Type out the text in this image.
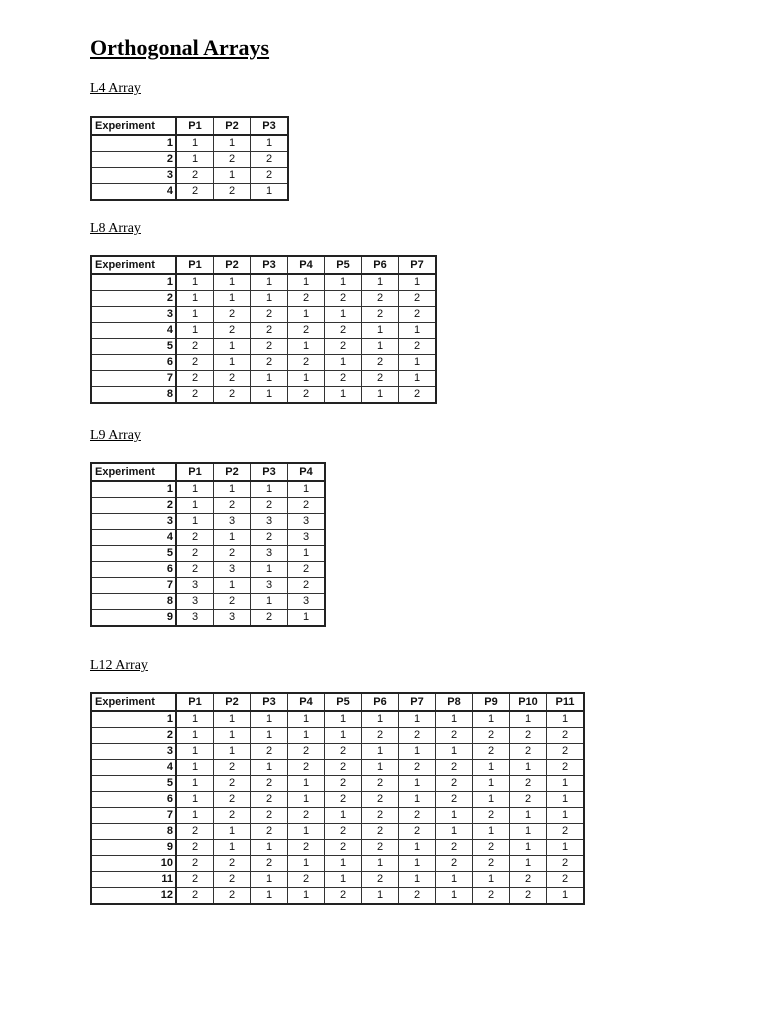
Orthogonal Arrays
L4 Array
Experiment	P1	P2	P3
1	1	1	1
2	1	2	2
3	2	1	2
4	2	2	1
L8 Array
Experiment	P1	P2	P3	P4	P5	P6	P7
1	1	1	1	1	1	1	1
2	1	1	1	2	2	2	2
3	1	2	2	1	1	2	2
4	1	2	2	2	2	1	1
5	2	1	2	1	2	1	2
6	2	1	2	2	1	2	1
7	2	2	1	1	2	2	1
8	2	2	1	2	1	1	2
L9 Array
Experiment	P1	P2	P3	P4
1	1	1	1	1
2	1	2	2	2
3	1	3	3	3
4	2	1	2	3
5	2	2	3	1
6	2	3	1	2
7	3	1	3	2
8	3	2	1	3
9	3	3	2	1
L12 Array
Experiment	P1	P2	P3	P4	P5	P6	P7	P8	P9	P10	P11
1	1	1	1	1	1	1	1	1	1	1	1
2	1	1	1	1	1	2	2	2	2	2	2
3	1	1	2	2	2	1	1	1	2	2	2
4	1	2	1	2	2	1	2	2	1	1	2
5	1	2	2	1	2	2	1	2	1	2	1
6	1	2	2	1	2	2	1	2	1	2	1
7	1	2	2	2	1	2	2	1	2	1	1
8	2	1	2	1	2	2	2	1	1	1	2
9	2	1	1	2	2	2	1	2	2	1	1
10	2	2	2	1	1	1	1	2	2	1	2
11	2	2	1	2	1	2	1	1	1	2	2
12	2	2	1	1	2	1	2	1	2	2	1
